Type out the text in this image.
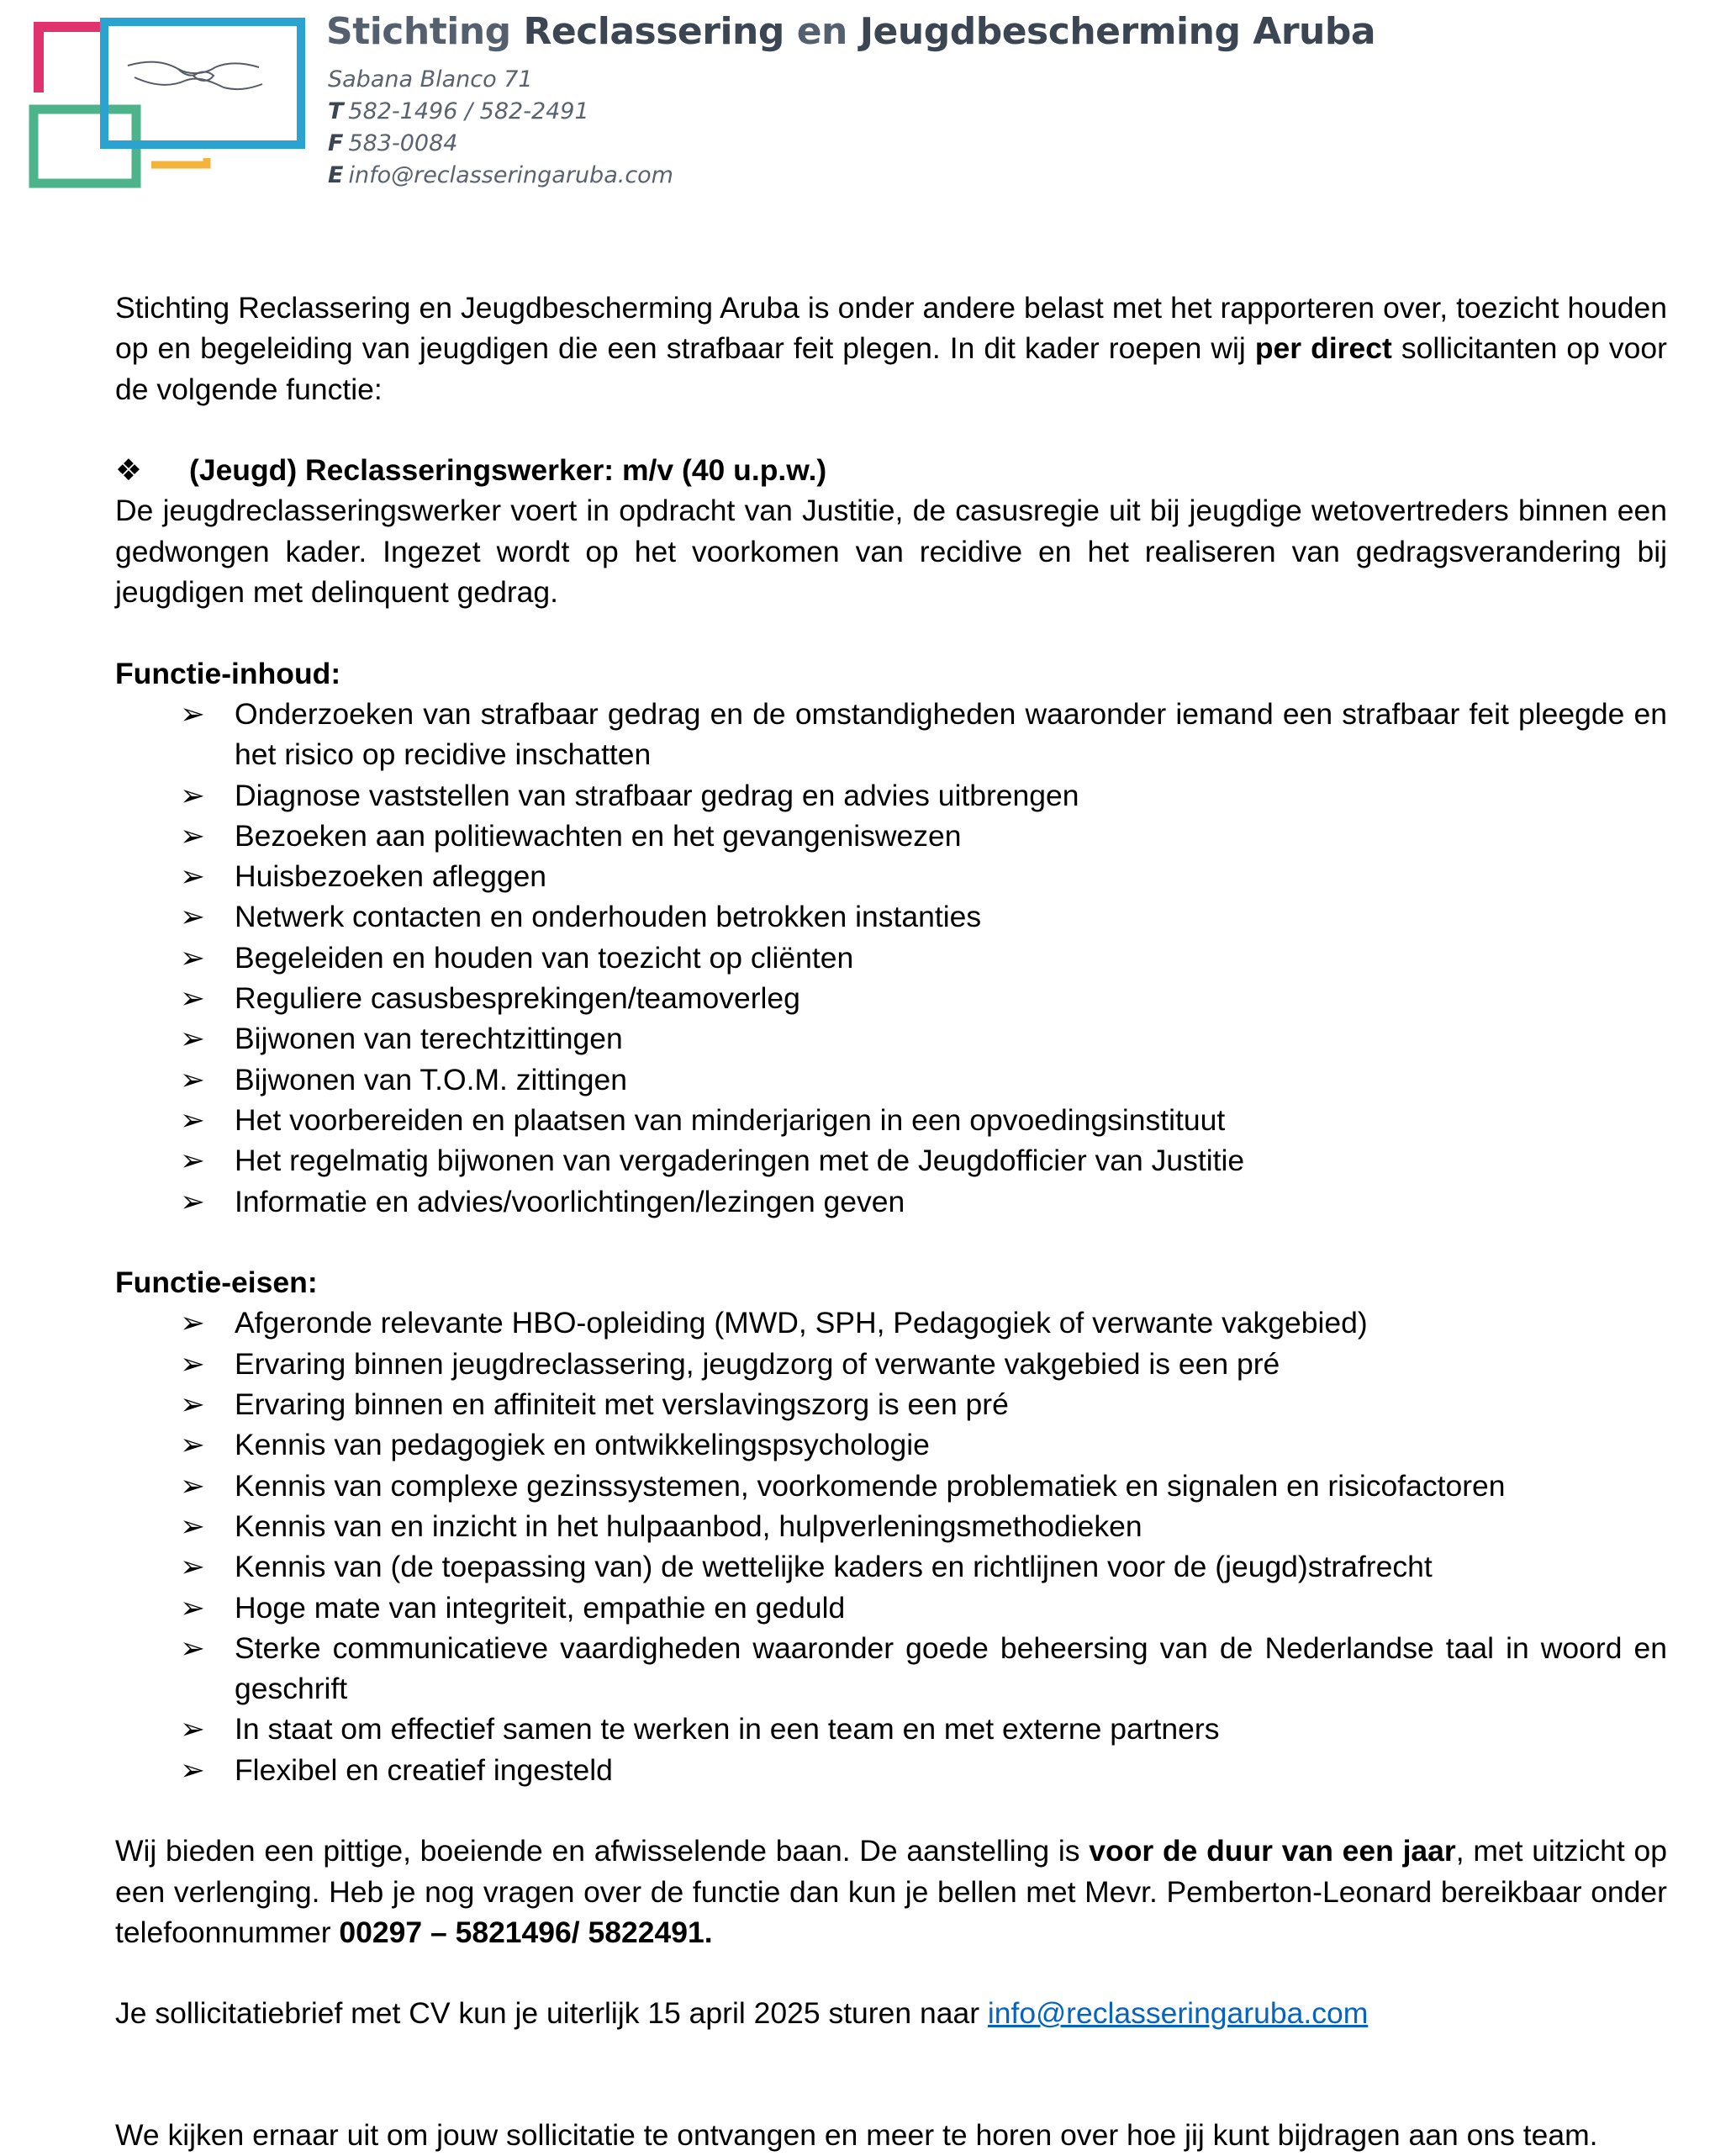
Stichting Reclassering en Jeugdbescherming Aruba
Sabana Blanco 71
T 582-1496 / 582-2491
F 583-0084
E info@reclasseringaruba.com

Stichting Reclassering en Jeugdbescherming Aruba is onder andere belast met het rapporteren over, toezicht houden op en begeleiding van jeugdigen die een strafbaar feit plegen. In dit kader roepen wij per direct sollicitanten op voor de volgende functie:

❖ (Jeugd) Reclasseringswerker: m/v (40 u.p.w.)

De jeugdreclasseringswerker voert in opdracht van Justitie, de casusregie uit bij jeugdige wetovertreders binnen een gedwongen kader. Ingezet wordt op het voorkomen van recidive en het realiseren van gedragsverandering bij jeugdigen met delinquent gedrag.

Functie-inhoud:

➢ Onderzoeken van strafbaar gedrag en de omstandigheden waaronder iemand een strafbaar feit pleegde en het risico op recidive inschatten
➢ Diagnose vaststellen van strafbaar gedrag en advies uitbrengen
➢ Bezoeken aan politiewachten en het gevangeniswezen
➢ Huisbezoeken afleggen
➢ Netwerk contacten en onderhouden betrokken instanties
➢ Begeleiden en houden van toezicht op cliënten
➢ Reguliere casusbesprekingen/teamoverleg
➢ Bijwonen van terechtzittingen
➢ Bijwonen van T.O.M. zittingen
➢ Het voorbereiden en plaatsen van minderjarigen in een opvoedingsinstituut
➢ Het regelmatig bijwonen van vergaderingen met de Jeugdofficier van Justitie
➢ Informatie en advies/voorlichtingen/lezingen geven

Functie-eisen:

➢ Afgeronde relevante HBO-opleiding (MWD, SPH, Pedagogiek of verwante vakgebied)
➢ Ervaring binnen jeugdreclassering, jeugdzorg of verwante vakgebied is een pré
➢ Ervaring binnen en affiniteit met verslavingszorg is een pré
➢ Kennis van pedagogiek en ontwikkelingspsychologie
➢ Kennis van complexe gezinssystemen, voorkomende problematiek en signalen en risicofactoren
➢ Kennis van en inzicht in het hulpaanbod, hulpverleningsmethodieken
➢ Kennis van (de toepassing van) de wettelijke kaders en richtlijnen voor de (jeugd)strafrecht
➢ Hoge mate van integriteit, empathie en geduld
➢ Sterke communicatieve vaardigheden waaronder goede beheersing van de Nederlandse taal in woord en geschrift
➢ In staat om effectief samen te werken in een team en met externe partners
➢ Flexibel en creatief ingesteld

Wij bieden een pittige, boeiende en afwisselende baan. De aanstelling is voor de duur van een jaar, met uitzicht op een verlenging. Heb je nog vragen over de functie dan kun je bellen met Mevr. Pemberton-Leonard bereikbaar onder telefoonnummer 00297 – 5821496/ 5822491.

Je sollicitatiebrief met CV kun je uiterlijk 15 april 2025 sturen naar info@reclasseringaruba.com

We kijken ernaar uit om jouw sollicitatie te ontvangen en meer te horen over hoe jij kunt bijdragen aan ons team.
